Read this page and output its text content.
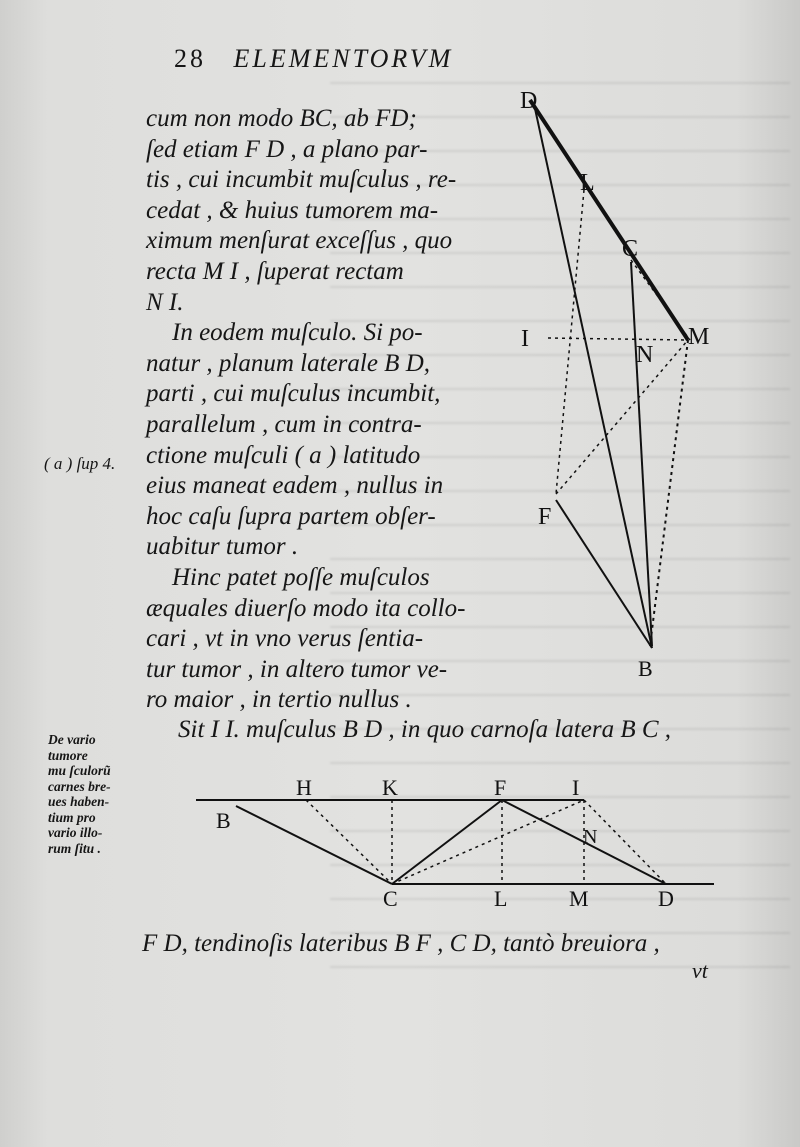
28 ELEMENTORVM
cum non modo BC, ab FD;
ſed etiam F D , a plano par-
tis , cui incumbit muſculus , re-
cedat , & huius tumorem ma-
ximum menſurat exceſſus , quo
recta M I , ſuperat rectam
N I.
In eodem muſculo. Si po-
natur , planum laterale B D,
parti , cui muſculus incumbit,
parallelum , cum in contra-
ctione muſculi ( a ) latitudo
eius maneat eadem , nullus in
hoc caſu ſupra partem obſer-
uabitur tumor .
Hinc patet poſſe muſculos
æquales diuerſo modo ita collo-
cari , vt in vno verus ſentia-
tur tumor , in altero tumor ve-
ro maior , in tertio nullus .
( a ) ſup 4.
De vario
tumore
mu ſculorũ
carnes bre-
ues haben-
tium pro
vario illo-
rum ſitu .
Sit I I. muſculus B D , in quo carnoſa latera B C ,
F D, tendinoſis lateribus B F , C D, tantò breuiora ,
vt
D
L
C
I	M
N
F
B
B
H	K	F	I
N
C	L	M	D
